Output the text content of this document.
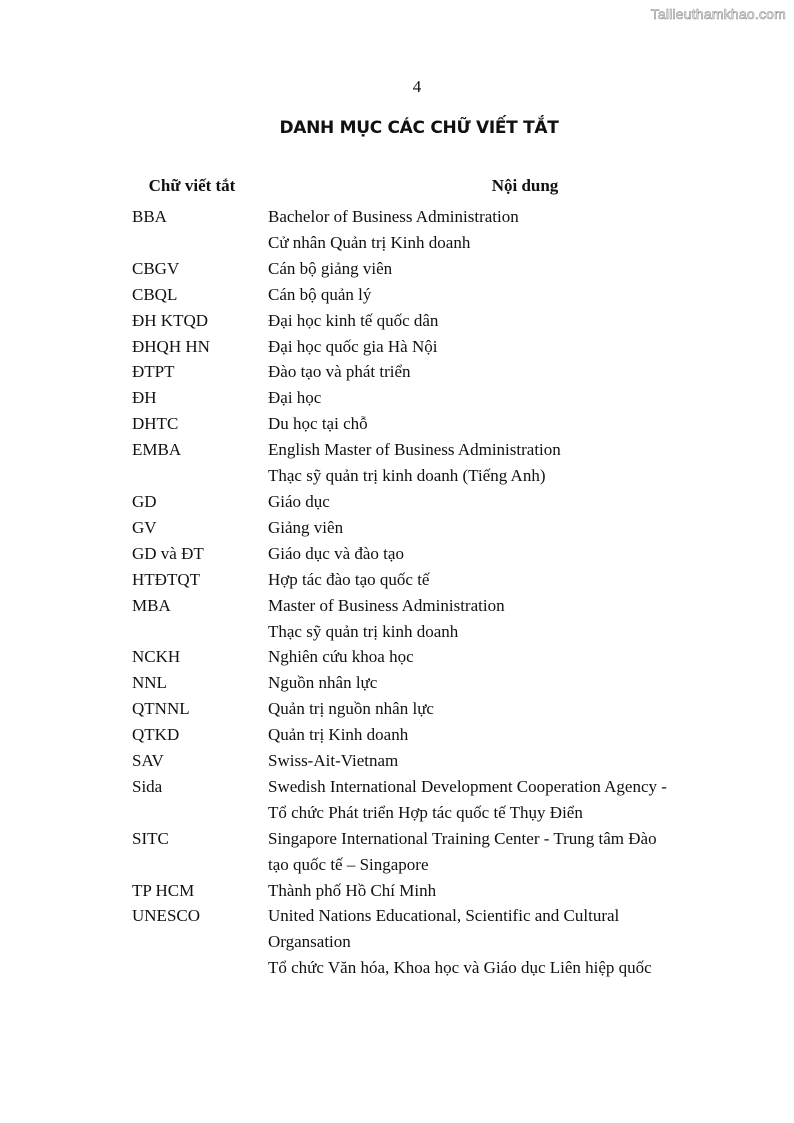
Tailieuthamkhao.com
4
DANH MỤC CÁC CHỮ VIẾT TẮT
Chữ viết tắt	Nội dung
BBA	Bachelor of Business Administration
Cử nhân Quản trị Kinh doanh
CBGV	Cán bộ giảng viên
CBQL	Cán bộ quản lý
ĐH KTQD	Đại học kinh tế quốc dân
ĐHQH HN	Đại học quốc gia Hà Nội
ĐTPT	Đào tạo và phát triển
ĐH	Đại học
DHTC	Du học tại chỗ
EMBA	English Master of Business Administration
Thạc sỹ quản trị kinh doanh (Tiếng Anh)
GD	Giáo dục
GV	Giảng viên
GD và ĐT	Giáo dục và đào tạo
HTĐTQT	Hợp tác đào tạo quốc tế
MBA	Master of Business Administration
Thạc sỹ quản trị kinh doanh
NCKH	Nghiên cứu khoa học
NNL	Nguồn nhân lực
QTNNL	Quản trị nguồn nhân lực
QTKD	Quản trị Kinh doanh
SAV	Swiss-Ait-Vietnam
Sida	Swedish International Development Cooperation Agency -
Tổ chức Phát triển Hợp tác quốc tế Thụy Điển
SITC	Singapore International Training Center - Trung tâm Đào
tạo quốc tế – Singapore
TP HCM	Thành phố Hồ Chí Minh
UNESCO	United Nations Educational, Scientific and Cultural
Organsation
Tổ chức Văn hóa, Khoa học và Giáo dục Liên hiệp quốc
